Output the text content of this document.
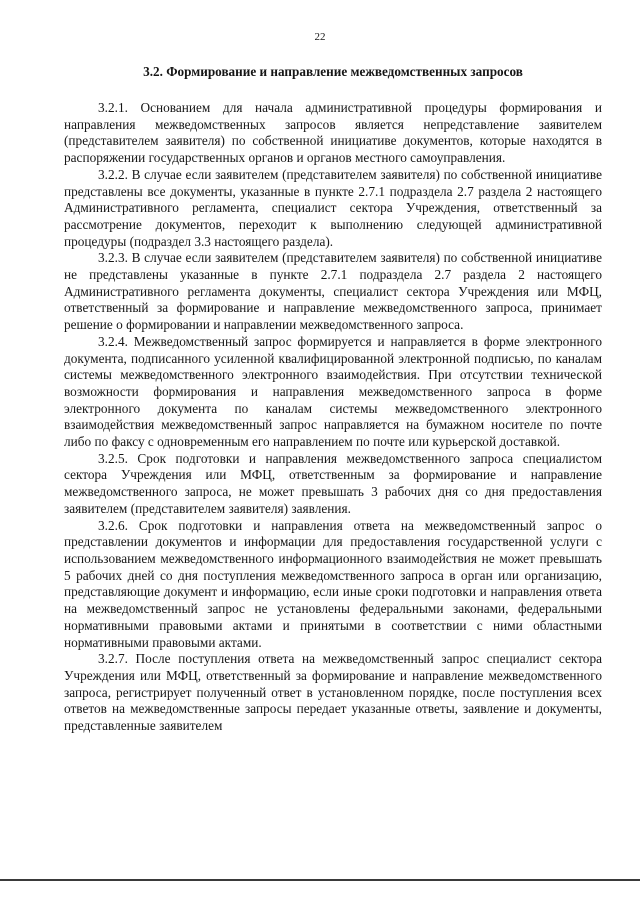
22
3.2. Формирование и направление межведомственных запросов

3.2.1. Основанием для начала административной процедуры формирования и направления межведомственных запросов является непредставление заявителем (представителем заявителя) по собственной инициативе документов, которые находятся в распоряжении государственных органов и органов местного самоуправления.

3.2.2. В случае если заявителем (представителем заявителя) по собственной инициативе представлены все документы, указанные в пункте 2.7.1 подраздела 2.7 раздела 2 настоящего Административного регламента, специалист сектора Учреждения, ответственный за рассмотрение документов, переходит к выполнению следующей административной процедуры (подраздел 3.3 настоящего раздела).

3.2.3. В случае если заявителем (представителем заявителя) по собственной инициативе не представлены указанные в пункте 2.7.1 подраздела 2.7 раздела 2 настоящего Административного регламента документы, специалист сектора Учреждения или МФЦ, ответственный за формирование и направление межведомственного запроса, принимает решение о формировании и направлении межведомственного запроса.

3.2.4. Межведомственный запрос формируется и направляется в форме электронного документа, подписанного усиленной квалифицированной электронной подписью, по каналам системы межведомственного электронного взаимодействия. При отсутствии технической возможности формирования и направления межведомственного запроса в форме электронного документа по каналам системы межведомственного электронного взаимодействия межведомственный запрос направляется на бумажном носителе по почте либо по факсу с одновременным его направлением по почте или курьерской доставкой.

3.2.5. Срок подготовки и направления межведомственного запроса специалистом сектора Учреждения или МФЦ, ответственным за формирование и направление межведомственного запроса, не может превышать 3 рабочих дня со дня предоставления заявителем (представителем заявителя) заявления.

3.2.6. Срок подготовки и направления ответа на межведомственный запрос о представлении документов и информации для предоставления государственной услуги с использованием межведомственного информационного взаимодействия не может превышать 5 рабочих дней со дня поступления межведомственного запроса в орган или организацию, представляющие документ и информацию, если иные сроки подготовки и направления ответа на межведомственный запрос не установлены федеральными законами, федеральными нормативными правовыми актами и принятыми в соответствии с ними областными нормативными правовыми актами.

3.2.7. После поступления ответа на межведомственный запрос специалист сектора Учреждения или МФЦ, ответственный за формирование и направление межведомственного запроса, регистрирует полученный ответ в установленном порядке, после поступления всех ответов на межведомственные запросы передает указанные ответы, заявление и документы, представленные заявителем
